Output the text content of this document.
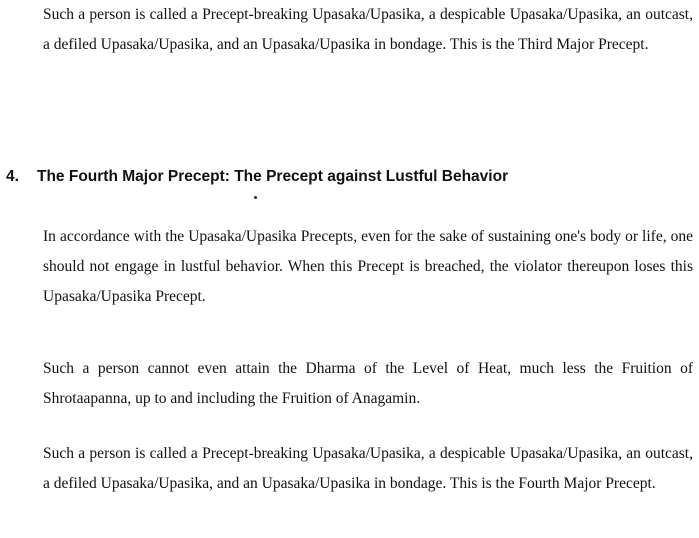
Such a person is called a Precept-breaking Upasaka/Upasika, a despicable Upasaka/Upasika, an outcast, a defiled Upasaka/Upasika, and an Upasaka/Upasika in bondage. This is the Third Major Precept.

4. The Fourth Major Precept: The Precept against Lustful Behavior

In accordance with the Upasaka/Upasika Precepts, even for the sake of sustaining one's body or life, one should not engage in lustful behavior. When this Precept is breached, the violator thereupon loses this Upasaka/Upasika Precept.

Such a person cannot even attain the Dharma of the Level of Heat, much less the Fruition of Shrotaapanna, up to and including the Fruition of Anagamin.

Such a person is called a Precept-breaking Upasaka/Upasika, a despicable Upasaka/Upasika, an outcast, a defiled Upasaka/Upasika, and an Upasaka/Upasika in bondage. This is the Fourth Major Precept.
